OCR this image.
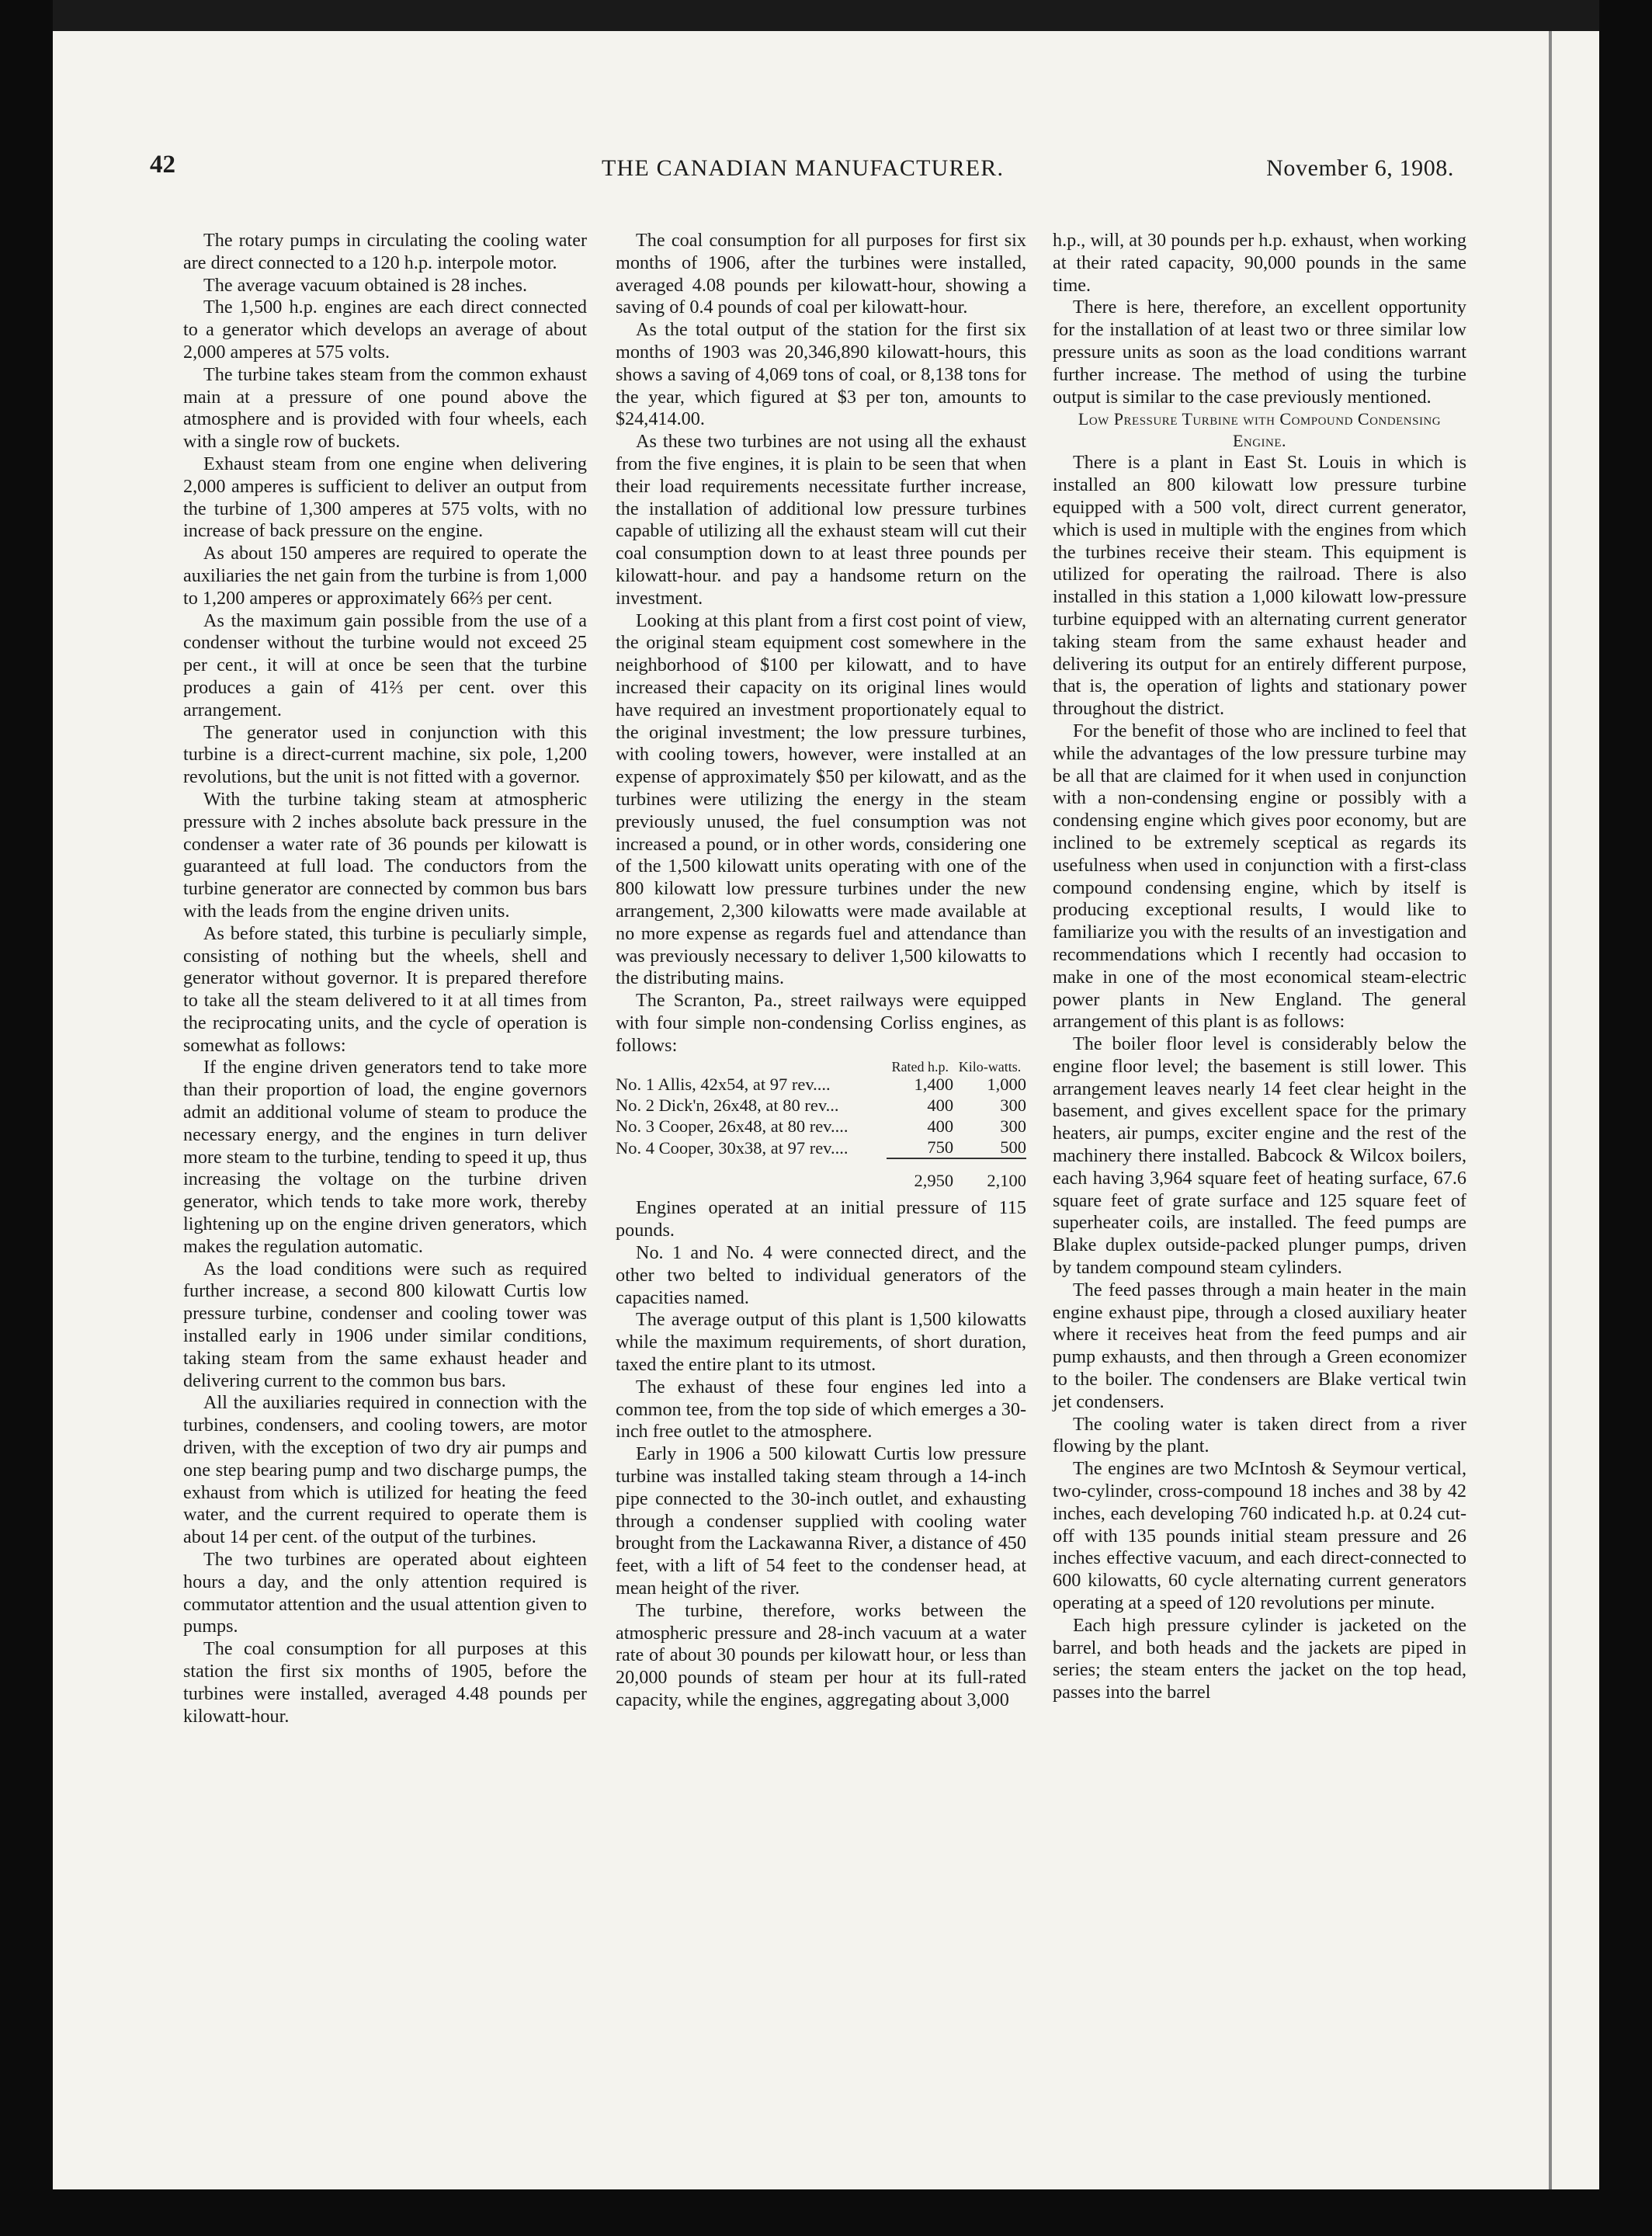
42	THE CANADIAN MANUFACTURER.	November 6, 1908.

The rotary pumps in circulating the cooling water are direct connected to a 120 h.p. interpole motor.

The average vacuum obtained is 28 inches.

The 1,500 h.p. engines are each direct connected to a generator which develops an average of about 2,000 amperes at 575 volts.

The turbine takes steam from the common exhaust main at a pressure of one pound above the atmosphere and is provided with four wheels, each with a single row of buckets.

Exhaust steam from one engine when delivering 2,000 amperes is sufficient to deliver an output from the turbine of 1,300 amperes at 575 volts, with no increase of back pressure on the engine.

As about 150 amperes are required to operate the auxiliaries the net gain from the turbine is from 1,000 to 1,200 amperes or approximately 66⅔ per cent.

As the maximum gain possible from the use of a condenser without the turbine would not exceed 25 per cent., it will at once be seen that the turbine produces a gain of 41⅔ per cent. over this arrangement.

The generator used in conjunction with this turbine is a direct-current machine, six pole, 1,200 revolutions, but the unit is not fitted with a governor.

With the turbine taking steam at atmospheric pressure with 2 inches absolute back pressure in the condenser a water rate of 36 pounds per kilowatt is guaranteed at full load. The conductors from the turbine generator are connected by common bus bars with the leads from the engine driven units.

As before stated, this turbine is peculiarly simple, consisting of nothing but the wheels, shell and generator without governor. It is prepared therefore to take all the steam delivered to it at all times from the reciprocating units, and the cycle of operation is somewhat as follows:

If the engine driven generators tend to take more than their proportion of load, the engine governors admit an additional volume of steam to produce the necessary energy, and the engines in turn deliver more steam to the turbine, tending to speed it up, thus increasing the voltage on the turbine driven generator, which tends to take more work, thereby lightening up on the engine driven generators, which makes the regulation automatic.

As the load conditions were such as required further increase, a second 800 kilowatt Curtis low pressure turbine, condenser and cooling tower was installed early in 1906 under similar conditions, taking steam from the same exhaust header and delivering current to the common bus bars.

All the auxiliaries required in connection with the turbines, condensers, and cooling towers, are motor driven, with the exception of two dry air pumps and one step bearing pump and two discharge pumps, the exhaust from which is utilized for heating the feed water, and the current required to operate them is about 14 per cent. of the output of the turbines.

The two turbines are operated about eighteen hours a day, and the only attention required is commutator attention and the usual attention given to pumps.

The coal consumption for all purposes at this station the first six months of 1905, before the turbines were installed, averaged 4.48 pounds per kilowatt-hour.

The coal consumption for all purposes for first six months of 1906, after the turbines were installed, averaged 4.08 pounds per kilowatt-hour, showing a saving of 0.4 pounds of coal per kilowatt-hour.

As the total output of the station for the first six months of 1903 was 20,346,890 kilowatt-hours, this shows a saving of 4,069 tons of coal, or 8,138 tons for the year, which figured at $3 per ton, amounts to $24,414.00.

As these two turbines are not using all the exhaust from the five engines, it is plain to be seen that when their load requirements necessitate further increase, the installation of additional low pressure turbines capable of utilizing all the exhaust steam will cut their coal consumption down to at least three pounds per kilowatt-hour. and pay a handsome return on the investment.

Looking at this plant from a first cost point of view, the original steam equipment cost somewhere in the neighborhood of $100 per kilowatt, and to have increased their capacity on its original lines would have required an investment proportionately equal to the original investment; the low pressure turbines, with cooling towers, however, were installed at an expense of approximately $50 per kilowatt, and as the turbines were utilizing the energy in the steam previously unused, the fuel consumption was not increased a pound, or in other words, considering one of the 1,500 kilowatt units operating with one of the 800 kilowatt low pressure turbines under the new arrangement, 2,300 kilowatts were made available at no more expense as regards fuel and attendance than was previously necessary to deliver 1,500 kilowatts to the distributing mains.

The Scranton, Pa., street railways were equipped with four simple non-condensing Corliss engines, as follows:

	Rated h.p.	Kilo-watts.
No. 1 Allis, 42x54, at 97 rev....	1,400	1,000
No. 2 Dick'n, 26x48, at 80 rev...	400	300
No. 3 Cooper, 26x48, at 80 rev....	400	300
No. 4 Cooper, 30x38, at 97 rev....	750	500
	2,950	2,100

Engines operated at an initial pressure of 115 pounds.

No. 1 and No. 4 were connected direct, and the other two belted to individual generators of the capacities named.

The average output of this plant is 1,500 kilowatts while the maximum requirements, of short duration, taxed the entire plant to its utmost.

The exhaust of these four engines led into a common tee, from the top side of which emerges a 30-inch free outlet to the atmosphere.

Early in 1906 a 500 kilowatt Curtis low pressure turbine was installed taking steam through a 14-inch pipe connected to the 30-inch outlet, and exhausting through a condenser supplied with cooling water brought from the Lackawanna River, a distance of 450 feet, with a lift of 54 feet to the condenser head, at mean height of the river.

The turbine, therefore, works between the atmospheric pressure and 28-inch vacuum at a water rate of about 30 pounds per kilowatt hour, or less than 20,000 pounds of steam per hour at its full-rated capacity, while the engines, aggregating about 3,000

h.p., will, at 30 pounds per h.p. exhaust, when working at their rated capacity, 90,000 pounds in the same time.

There is here, therefore, an excellent opportunity for the installation of at least two or three similar low pressure units as soon as the load conditions warrant further increase. The method of using the turbine output is similar to the case previously mentioned.

Low Pressure Turbine with Compound Condensing Engine.

There is a plant in East St. Louis in which is installed an 800 kilowatt low pressure turbine equipped with a 500 volt, direct current generator, which is used in multiple with the engines from which the turbines receive their steam. This equipment is utilized for operating the railroad. There is also installed in this station a 1,000 kilowatt low-pressure turbine equipped with an alternating current generator taking steam from the same exhaust header and delivering its output for an entirely different purpose, that is, the operation of lights and stationary power throughout the district.

For the benefit of those who are inclined to feel that while the advantages of the low pressure turbine may be all that are claimed for it when used in conjunction with a non-condensing engine or possibly with a condensing engine which gives poor economy, but are inclined to be extremely sceptical as regards its usefulness when used in conjunction with a first-class compound condensing engine, which by itself is producing exceptional results, I would like to familiarize you with the results of an investigation and recommendations which I recently had occasion to make in one of the most economical steam-electric power plants in New England. The general arrangement of this plant is as follows:

The boiler floor level is considerably below the engine floor level; the basement is still lower. This arrangement leaves nearly 14 feet clear height in the basement, and gives excellent space for the primary heaters, air pumps, exciter engine and the rest of the machinery there installed. Babcock & Wilcox boilers, each having 3,964 square feet of heating surface, 67.6 square feet of grate surface and 125 square feet of superheater coils, are installed. The feed pumps are Blake duplex outside-packed plunger pumps, driven by tandem compound steam cylinders.

The feed passes through a main heater in the main engine exhaust pipe, through a closed auxiliary heater where it receives heat from the feed pumps and air pump exhausts, and then through a Green economizer to the boiler. The condensers are Blake vertical twin jet condensers.

The cooling water is taken direct from a river flowing by the plant.

The engines are two McIntosh & Seymour vertical, two-cylinder, cross-compound 18 inches and 38 by 42 inches, each developing 760 indicated h.p. at 0.24 cut-off with 135 pounds initial steam pressure and 26 inches effective vacuum, and each direct-connected to 600 kilowatts, 60 cycle alternating current generators operating at a speed of 120 revolutions per minute.

Each high pressure cylinder is jacketed on the barrel, and both heads and the jackets are piped in series; the steam enters the jacket on the top head, passes into the barrel
